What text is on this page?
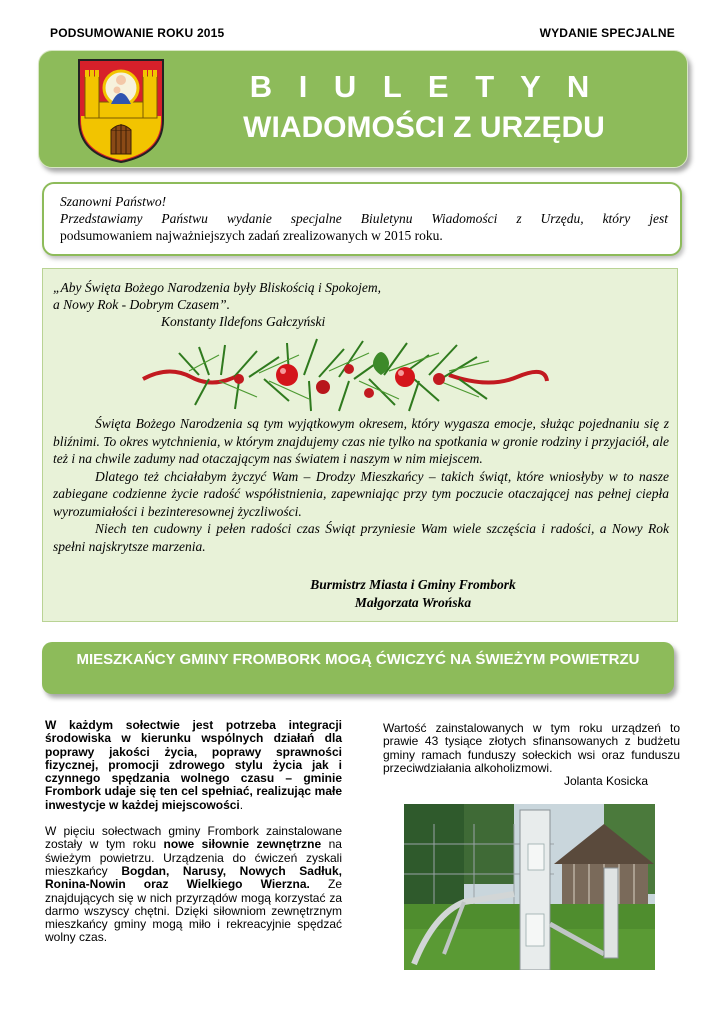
PODSUMOWANIE ROKU 2015	WYDANIE SPECJALNE
B I U L E T Y N
WIADOMOŚCI Z URZĘDU
Szanowni Państwo!
Przedstawiamy Państwu wydanie specjalne Biuletynu Wiadomości z Urzędu, który jest
podsumowaniem najważniejszych zadań zrealizowanych w 2015 roku.
„Aby Święta Bożego Narodzenia były Bliskością i Spokojem,
a Nowy Rok - Dobrym Czasem”.
Konstanty Ildefons Gałczyński

Święta Bożego Narodzenia są tym wyjątkowym okresem, który wygasza emocje, służąc pojednaniu się z bliźnimi. To okres wytchnienia, w którym znajdujemy czas nie tylko na spotkania w gronie rodziny i przyjaciół, ale też i na chwile zadumy nad otaczającym nas światem i naszym w nim miejscem.

Dlatego też chciałabym życzyć Wam – Drodzy Mieszkańcy – takich świąt, które wniosłyby w to nasze zabiegane codzienne życie radość współistnienia, zapewniając przy tym poczucie otaczającej nas pełnej ciepła wyrozumiałości i bezinteresownej życzliwości.

Niech ten cudowny i pełen radości czas Świąt przyniesie Wam wiele szczęścia i radości, a Nowy Rok spełni najskrytsze marzenia.

Burmistrz Miasta i Gminy Frombork
Małgorzata Wrońska
MIESZKAŃCY GMINY FROMBORK MOGĄ ĆWICZYĆ NA ŚWIEŻYM POWIETRZU

W każdym sołectwie jest potrzeba integracji środowiska w kierunku wspólnych działań dla poprawy jakości życia, poprawy sprawności fizycznej, promocji zdrowego stylu życia jak i czynnego spędzania wolnego czasu – gminie Frombork udaje się ten cel spełniać, realizując małe inwestycje w każdej miejscowości.

W pięciu sołectwach gminy Frombork zainstalowane zostały w tym roku nowe siłownie zewnętrzne na świeżym powietrzu. Urządzenia do ćwiczeń zyskali mieszkańcy Bogdan, Narusy, Nowych Sadłuk, Ronina-Nowin oraz Wielkiego Wierzna. Ze znajdujących się w nich przyrządów mogą korzystać za darmo wszyscy chętni. Dzięki siłowniom zewnętrznym mieszkańcy gminy mogą miło i rekreacyjnie spędzać wolny czas.

Wartość zainstalowanych w tym roku urządzeń to prawie 43 tysiące złotych sfinansowanych z budżetu gminy ramach funduszy sołeckich wsi oraz funduszu przeciwdziałania alkoholizmowi.
Jolanta Kosicka
